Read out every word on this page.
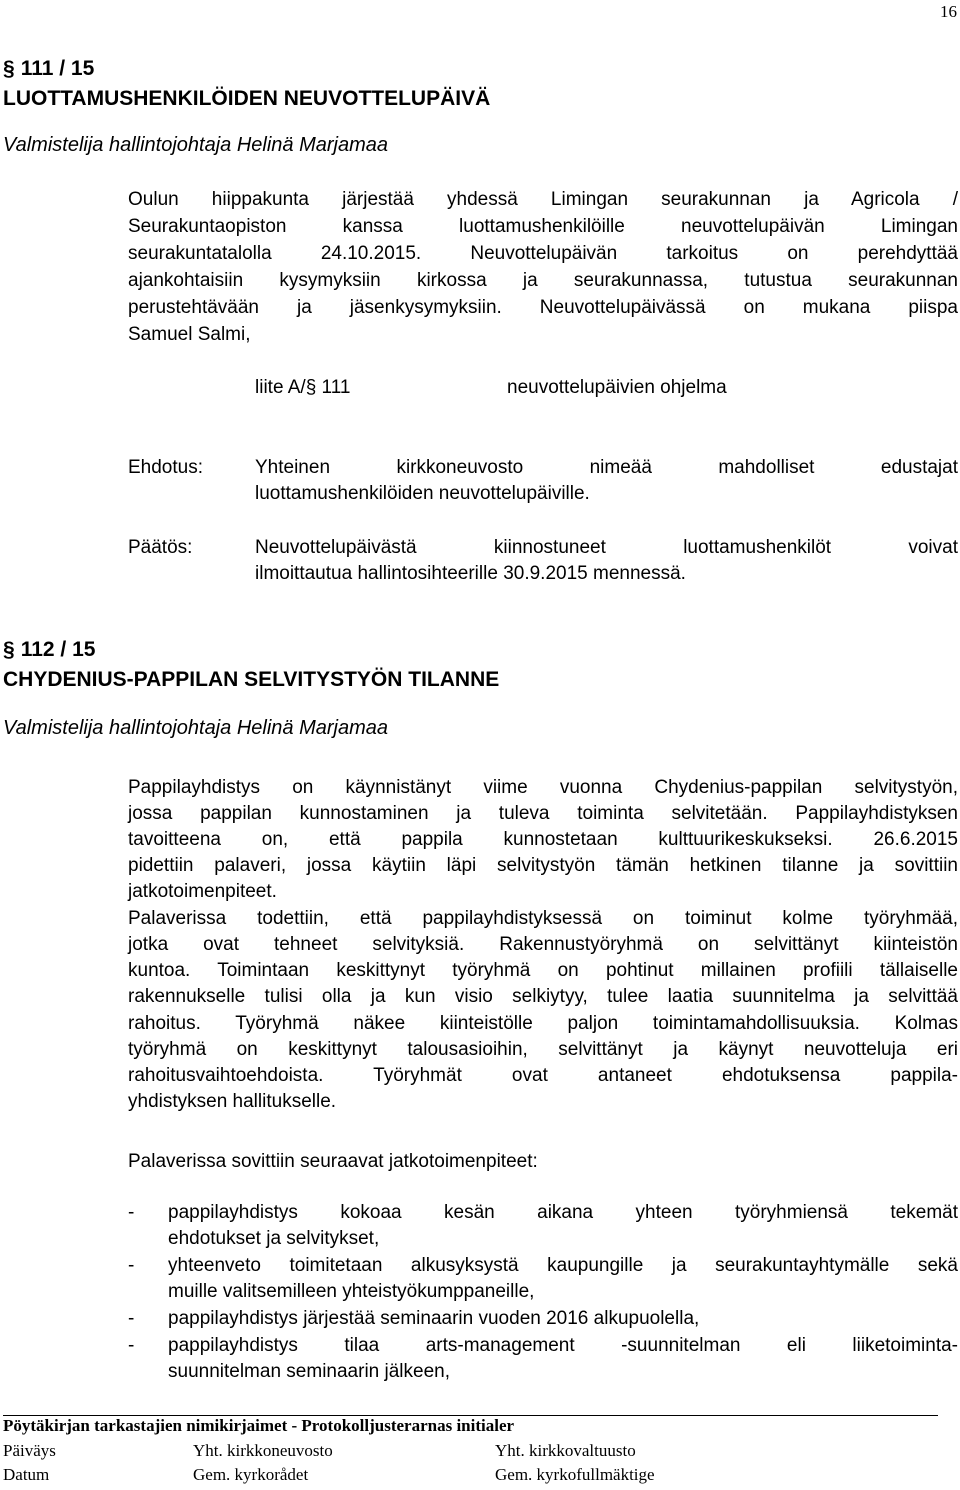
16
§ 111 / 15
LUOTTAMUSHENKILÖIDEN NEUVOTTELUPÄIVÄ
Valmistelija hallintojohtaja Helinä Marjamaa
Oulun hiippakunta järjestää yhdessä Limingan seurakunnan ja Agricola /
Seurakuntaopiston kanssa luottamushenkilöille neuvottelupäivän Limingan
seurakuntatalolla 24.10.2015. Neuvottelupäivän tarkoitus on perehdyttää
ajankohtaisiin kysymyksiin kirkossa ja seurakunnassa, tutustua seurakunnan
perustehtävään ja jäsenkysymyksiin. Neuvottelupäivässä on mukana piispa
Samuel Salmi,
liite A/§ 111	neuvottelupäivien ohjelma
Ehdotus:	Yhteinen kirkkoneuvosto nimeää mahdolliset edustajat
luottamushenkilöiden neuvottelupäiville.
Päätös:	Neuvottelupäivästä kiinnostuneet luottamushenkilöt voivat
ilmoittautua hallintosihteerille 30.9.2015 mennessä.
§ 112 / 15
CHYDENIUS-PAPPILAN SELVITYSTYÖN TILANNE
Valmistelija hallintojohtaja Helinä Marjamaa
Pappilayhdistys on käynnistänyt viime vuonna Chydenius-pappilan selvitystyön,
jossa pappilan kunnostaminen ja tuleva toiminta selvitetään. Pappilayhdistyksen
tavoitteena on, että pappila kunnostetaan kulttuurikeskukseksi. 26.6.2015
pidettiin palaveri, jossa käytiin läpi selvitystyön tämän hetkinen tilanne ja sovittiin
jatkotoimenpiteet.
Palaverissa todettiin, että pappilayhdistyksessä on toiminut kolme työryhmää,
jotka ovat tehneet selvityksiä. Rakennustyöryhmä on selvittänyt kiinteistön
kuntoa. Toimintaan keskittynyt työryhmä on pohtinut millainen profiili tällaiselle
rakennukselle tulisi olla ja kun visio selkiytyy, tulee laatia suunnitelma ja selvittää
rahoitus. Työryhmä näkee kiinteistölle paljon toimintamahdollisuuksia. Kolmas
työryhmä on keskittynyt talousasioihin, selvittänyt ja käynyt neuvotteluja eri
rahoitusvaihtoehdoista. Työryhmät ovat antaneet ehdotuksensa pappila-
yhdistyksen hallitukselle.
Palaverissa sovittiin seuraavat jatkotoimenpiteet:
- pappilayhdistys kokoaa kesän aikana yhteen työryhmiensä tekemät
ehdotukset ja selvitykset,
- yhteenveto toimitetaan alkusyksystä kaupungille ja seurakuntayhtymälle sekä
muille valitsemilleen yhteistyökumppaneille,
- pappilayhdistys järjestää seminaarin vuoden 2016 alkupuolella,
- pappilayhdistys tilaa arts-management -suunnitelman eli liiketoiminta-
suunnitelman seminaarin jälkeen,
Pöytäkirjan tarkastajien nimikirjaimet - Protokolljusterarnas initialer
Päiväys	Yht. kirkkoneuvosto	Yht. kirkkovaltuusto
Datum	Gem. kyrkorådet	Gem. kyrkofullmäktige
